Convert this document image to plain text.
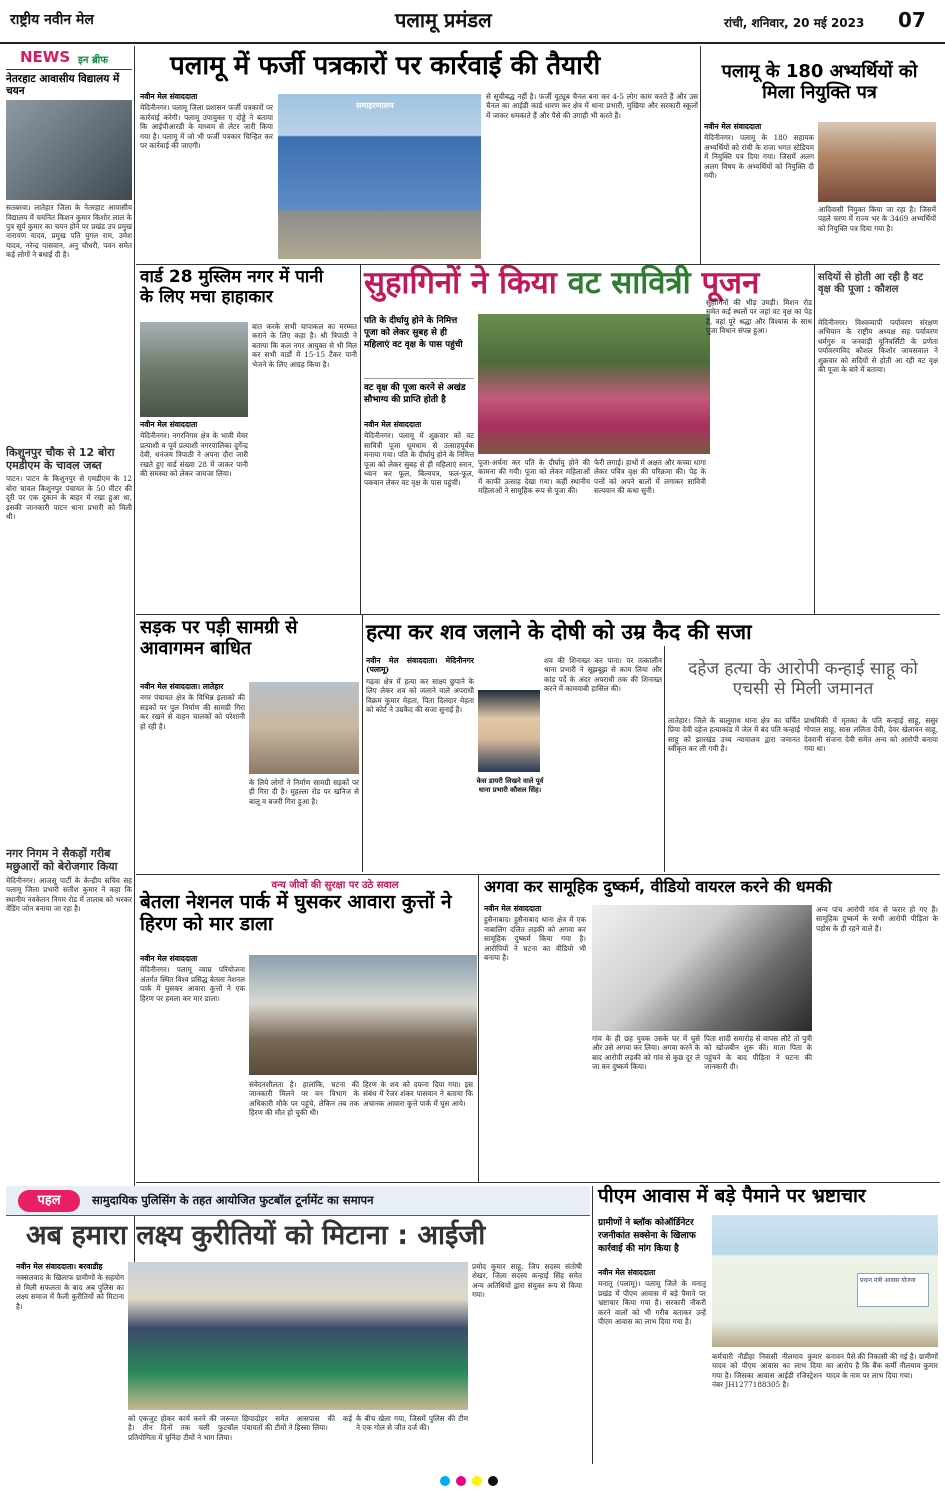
राष्ट्रीय नवीन मेल	पलामू प्रमंडल	रांची, शनिवार, 20 मई 2023 07
NEWS इन ब्रीफ
नेतरहाट आवासीय विद्यालय में चयन
सतबरवा। लातेहार जिला के नेतरहाट आवासीय विद्यालय में चयनित किशन कुमार किशोर लाल के पुत्र सूर्य कुमार का चयन होने पर प्रखंड उप प्रमुख नारायण यादव, प्रमुख पति युगल राम, उमेश यादव, नरेन्द्र पासवान, अनु चौधरी, पवन समेत कई लोगों ने बधाई दी है।
किशुनपुर चौक से 12 बोरा एमडीएम के चावल जब्त
पाटन। पाटन के किशुनपुर से एमडीएम के 12 बोरा चावल किशुनपुर पंचायत के 50 मीटर की दूरी पर एक दुकान के बाहर में रखा हुआ था, इसकी जानकारी पाटन थाना प्रभारी को मिली थी।
नगर निगम ने सैकड़ों गरीब मछुआरों को बेरोजगार किया
मेदिनीनगर। आजसू पार्टी के केन्द्रीय सचिव सह पलामू जिला प्रभारी सतीश कुमार ने कहा कि स्थानीय नवकेतन निगम रोड में तालाब को भरकर वेंडिंग जोन बनाया जा रहा है।
पलामू में फर्जी पत्रकारों पर कार्रवाई की तैयारी
नवीन मेल संवाददाता
मेदिनीनगर। पलामू जिला प्रशासन फर्जी पत्रकारों पर कार्रवाई करेगी। पलामू उपायुक्त ए दोड्डे ने बताया कि आईपीआरडी के माध्यम से लेटर जारी किया गया है। पलामू में जो भी फर्जी पत्रकार चिन्हित कर पर कार्रवाई की जाएगी।
समाहरणालय
से सूचीबद्ध नहीं है। फर्जी यूट्यूब चैनल बना कर 4-5 लोग काम करते हैं और उस चैनल का आईडी कार्ड धारण कर क्षेत्र में थाना प्रभारी, मुखिया और सरकारी स्कूलों में जाकर धमकाते हैं और पैसे की उगाही भी करते हैं।
पलामू के 180 अभ्यर्थियों को मिला नियुक्ति पत्र
नवीन मेल संवाददाता
मेदिनीनगर। पलामू के 180 सहायक अभ्यर्थियों को रांची के राजा भगत स्टेडियम में नियुक्ति पत्र दिया गया। जिसमें अलग अलग विषय के अभ्यर्थियों को नियुक्ति दी गयी।
आदिवासी नियुक्त किया जा रहा है। जिसमें पहले चरण में राज्य भर के 3469 अभ्यर्थियों को नियुक्ति पत्र दिया गया है।
वार्ड 28 मुस्लिम नगर में पानी के लिए मचा हाहाकार
नवीन मेल संवाददाता
मेदिनीनगर। नगरनिगम क्षेत्र के भावी मेयर प्रत्याशी व पूर्व प्रत्याशी नगरपालिका दुर्गेन्द्र देवी, धनंजय त्रिपाठी ने अपना दौरा जारी रखते हुए वार्ड संख्या 28 में जाकर पानी की समस्या को लेकर जायजा लिया।
बात करके सभी चापाकल का मरम्मत कराने के लिए कहा है। श्री त्रिपाठी ने बताया कि कल नगर आयुक्त से भी मिल कर सभी वार्डों में 15-15 टैंकर पानी भेजने के लिए आग्रह किया है।
सुहागिनों ने किया वट सावित्री पूजन
पति के दीर्घायु होने के निमित्त पूजा को लेकर सुबह से ही महिलाएं वट वृक्ष के पास पहुंची
वट वृक्ष की पूजा करने से अखंड सौभाग्य की प्राप्ति होती है
नवीन मेल संवाददाता
मेदिनीनगर। पलामू में शुक्रवार को वट सावित्री पूजा धूमधाम से उत्साहपूर्वक मनाया गया। पति के दीर्घायु होने के निमित्त पूजा को लेकर सुबह से ही महिलाएं स्नान, ध्यान कर फूल, बिल्वपत्र, फल-फूल, पकवान लेकर वट वृक्ष के पास पहुंचीं।
पूजा-अर्चना कर पति के दीर्घायु होने की कामना की गयी। पूजा को लेकर महिलाओं में काफी उत्साह देखा गया। कहीं स्थानीय महिलाओं ने सामूहिक रूप से पूजा की।
फेरी लगाई। हाथों में अक्षत और कच्चा धागा लेकर पवित्र वृक्ष की परिक्रमा की। पेड़ के पत्तों को अपने बालों में लगाकर सावित्री सत्यवान की कथा सुनी।
सुहागिनों की भीड़ उमड़ी। मिशन रोड समेत कई स्थलों पर जहां वट वृक्ष का पेड़ है, वहां पूरे श्रद्धा और विश्वास के साथ पूजा विधान संपन्न हुआ।
सदियों से होती आ रही है वट वृक्ष की पूजा : कौशल
मेदिनीनगर। विश्वव्यापी पर्यावरण संरक्षण अभियान के राष्ट्रीय अध्यक्ष सह पर्यावरण धर्मगुरु व जनवाड़ी यूनिवर्सिटी के प्रणेता पर्यावरणविद कौशल किशोर जायसवाल ने शुक्रवार को सदियों से होती आ रही वट वृक्ष की पूजा के बारे में बताया।
सड़क पर पड़ी सामग्री से आवागमन बाधित
नवीन मेल संवाददाता। लातेहार
नगर पंचायत क्षेत्र के विभिन्न इलाकों की सड़कों पर पुल निर्माण की सामग्री गिरा कर रखने से वाहन चालकों को परेशानी हो रही है।
के लिये लोगों ने निर्माण सामग्री सड़कों पर ही गिरा दी है। मुहल्ला रोड पर खनिज से बालू व बजरी गिरा हुआ है।
हत्या कर शव जलाने के दोषी को उम्र कैद की सजा
नवीन मेल संवाददाता। मेदिनीनगर (पलामू)
गढ़वा क्षेत्र में हत्या कर साक्ष्य छुपाने के लिए लेकर शव को जलाने वाले अपराधी विक्रम कुमार मेहता, पिता दिलदार मेहता को कोर्ट ने उम्रकैद की सजा सुनाई है।
केस डायरी लिखने वाले पूर्व थाना प्रभारी कौशल सिंह।
शव की शिनाख्त कर पाना। पर तत्कालीन थाना प्रभारी ने सूझबूझ से काम लिया और कांड पर्दे के अंदर अपराधी तक की शिनाख्त करने में कामयाबी हासिल की।
दहेज हत्या के आरोपी कन्हाई साहू को एचसी से मिली जमानत
लातेहार। जिले के बालूमाथ थाना क्षेत्र का चर्चित प्रिया देवी दहेज हत्याकांड में जेल में बंद पति कन्हाई साहू को झारखंड उच्च न्यायालय द्वारा जमानत स्वीकृत कर ली गयी है।
प्राथमिकी में मृतका के पति कन्हाई साहू, ससुर गोपाल साहू, सास ललिता देवी, देवर खेलावन साहू, देवरानी संजना देवी समेत अन्य को आरोपी बनाया गया था।
वन्य जीवों की सुरक्षा पर उठे सवाल
बेतला नेशनल पार्क में घुसकर आवारा कुत्तों ने हिरण को मार डाला
नवीन मेल संवाददाता
मेदिनीनगर। पलामू व्याघ्र परियोजना अंतर्गत स्थित विश्व प्रसिद्ध बेतला नेशनल पार्क में घुसकर आवारा कुत्तों ने एक हिरण पर हमला कर मार डाला।
संवेदनशीलता है। हालांकि, घटना की जानकारी मिलने पर वन विभाग के अधिकारी मौके पर पहुंचे, लेकिन तब तक हिरण की मौत हो चुकी थी।
हिरण के शव को दफना दिया गया। इस संबंध में रेंजर शंकर पासवान ने बताया कि अचानक आवारा कुत्ते पार्क में घुस आये।
अगवा कर सामूहिक दुष्कर्म, वीडियो वायरल करने की धमकी
नवीन मेल संवाददाता
हुसैनाबाद। हुसैनाबाद थाना क्षेत्र में एक नाबालिग दलित लड़की को अगवा कर सामूहिक दुष्कर्म किया गया है। आरोपियों ने घटना का वीडियो भी बनाया है।
गांव के ही छह युवक उसके घर में घुसे और उसे अगवा कर लिया। अगवा करने के बाद आरोपी लड़की को गांव से कुछ दूर ले जा कर दुष्कर्म किया।
पिता शादी समारोह से वापस लौटे तो पुत्री को खोजबीन शुरू की। माता पिता के पहुंचने के बाद पीड़िता ने घटना की जानकारी दी।
अन्य पांच आरोपी गांव से फरार हो गए हैं। सामूहिक दुष्कर्म के सभी आरोपी पीड़िता के पड़ोस के ही रहने वाले हैं।
पहल	सामुदायिक पुलिसिंग के तहत आयोजित फुटबॉल टूर्नामेंट का समापन
अब हमारा लक्ष्य कुरीतियों को मिटाना : आईजी
नवीन मेल संवाददाता। बरवाडीह
नक्सलवाद के खिलाफ ग्रामीणों के सहयोग से मिली सफलता के बाद अब पुलिस का लक्ष्य समाज में फैली कुरीतियों को मिटाना है।
प्रमोद कुमार साहू, जिप सदस्य संतोषी शेखर, जिला सदस्य कन्हाई सिंह समेत अन्य अतिथियों द्वारा संयुक्त रूप से किया गया।
को एकजुट होकर कार्य करने की जरूरत है। तीन दिनों तक चली फुटबॉल प्रतियोगिता में चुनिंदा टीमों ने भाग लिया।
छिपादोहर समेत आसपास की कई पंचायतों की टीमों ने हिस्सा लिया।
के बीच खेला गया, जिसमें पुलिस की टीम ने एक गोल से जीत दर्ज की।
पीएम आवास में बड़े पैमाने पर भ्रष्टाचार
ग्रामीणों ने ब्लॉक कोऑर्डिनेटर रजनीकांत सक्सेना के खिलाफ कार्रवाई की मांग किया है
नवीन मेल संवाददाता
मनातू (पलामू)। पलामू जिले के मनातू प्रखंड में पीएम आवास में बड़े पैमाने पर भ्रष्टाचार किया गया है। सरकारी नौकरी करने वालों को भी गरीब बताकर उन्हें पीएम आवास का लाभ दिया गया है।
प्रधान मंत्री आवास योजना
कर्मचारी नौडीहा निवासी नीलमाय कुमार यादव को पीएम आवास का लाभ दिया गया है। जिसका आवास आईडी रजिस्ट्रेशन नंबर JH1277188305 है।
बनावन पैसे की निकासी की गई है। ग्रामीणों का आरोप है कि बैंक कर्मी नीलमाय कुमार यादव के नाम पर लाभ दिया गया।
